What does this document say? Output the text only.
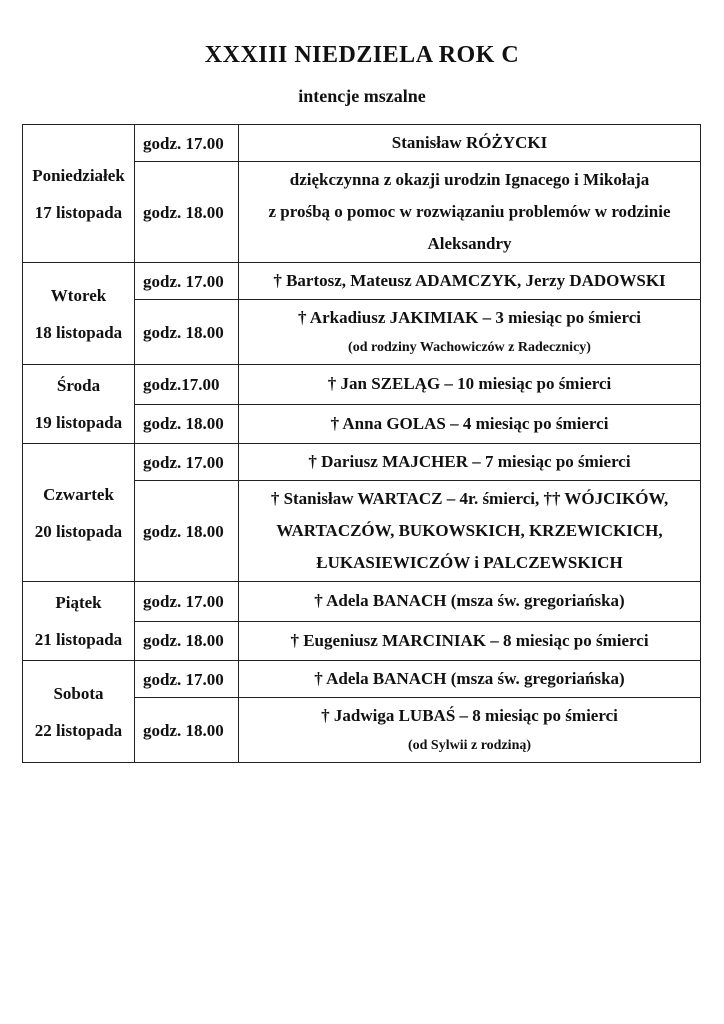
XXXIII NIEDZIELA ROK C
intencje mszalne
Poniedziałek
17 listopada	godz. 17.00	Stanisław RÓŻYCKI

	godz. 18.00	dziękczynna z okazji urodzin Ignacego i Mikołaja
z prośbą o pomoc w rozwiązaniu problemów w rodzinie
Aleksandry

Wtorek
18 listopada	godz. 17.00	† Bartosz, Mateusz ADAMCZYK, Jerzy DADOWSKI

	godz. 18.00	† Arkadiusz JAKIMIAK – 3 miesiąc po śmierci
(od rodziny Wachowiczów z Radecznicy)

Środa
19 listopada	godz.17.00	† Jan SZELĄG – 10 miesiąc po śmierci

	godz. 18.00	† Anna GOLAS – 4 miesiąc po śmierci

Czwartek
20 listopada	godz. 17.00	† Dariusz MAJCHER – 7 miesiąc po śmierci

	godz. 18.00	† Stanisław WARTACZ – 4r. śmierci, †† WÓJCIKÓW,
WARTACZÓW, BUKOWSKICH, KRZEWICKICH,
ŁUKASIEWICZÓW i PALCZEWSKICH

Piątek
21 listopada	godz. 17.00	† Adela BANACH (msza św. gregoriańska)

	godz. 18.00	† Eugeniusz MARCINIAK – 8 miesiąc po śmierci

Sobota
22 listopada	godz. 17.00	† Adela BANACH (msza św. gregoriańska)

	godz. 18.00	† Jadwiga LUBAŚ – 8 miesiąc po śmierci
(od Sylwii z rodziną)
